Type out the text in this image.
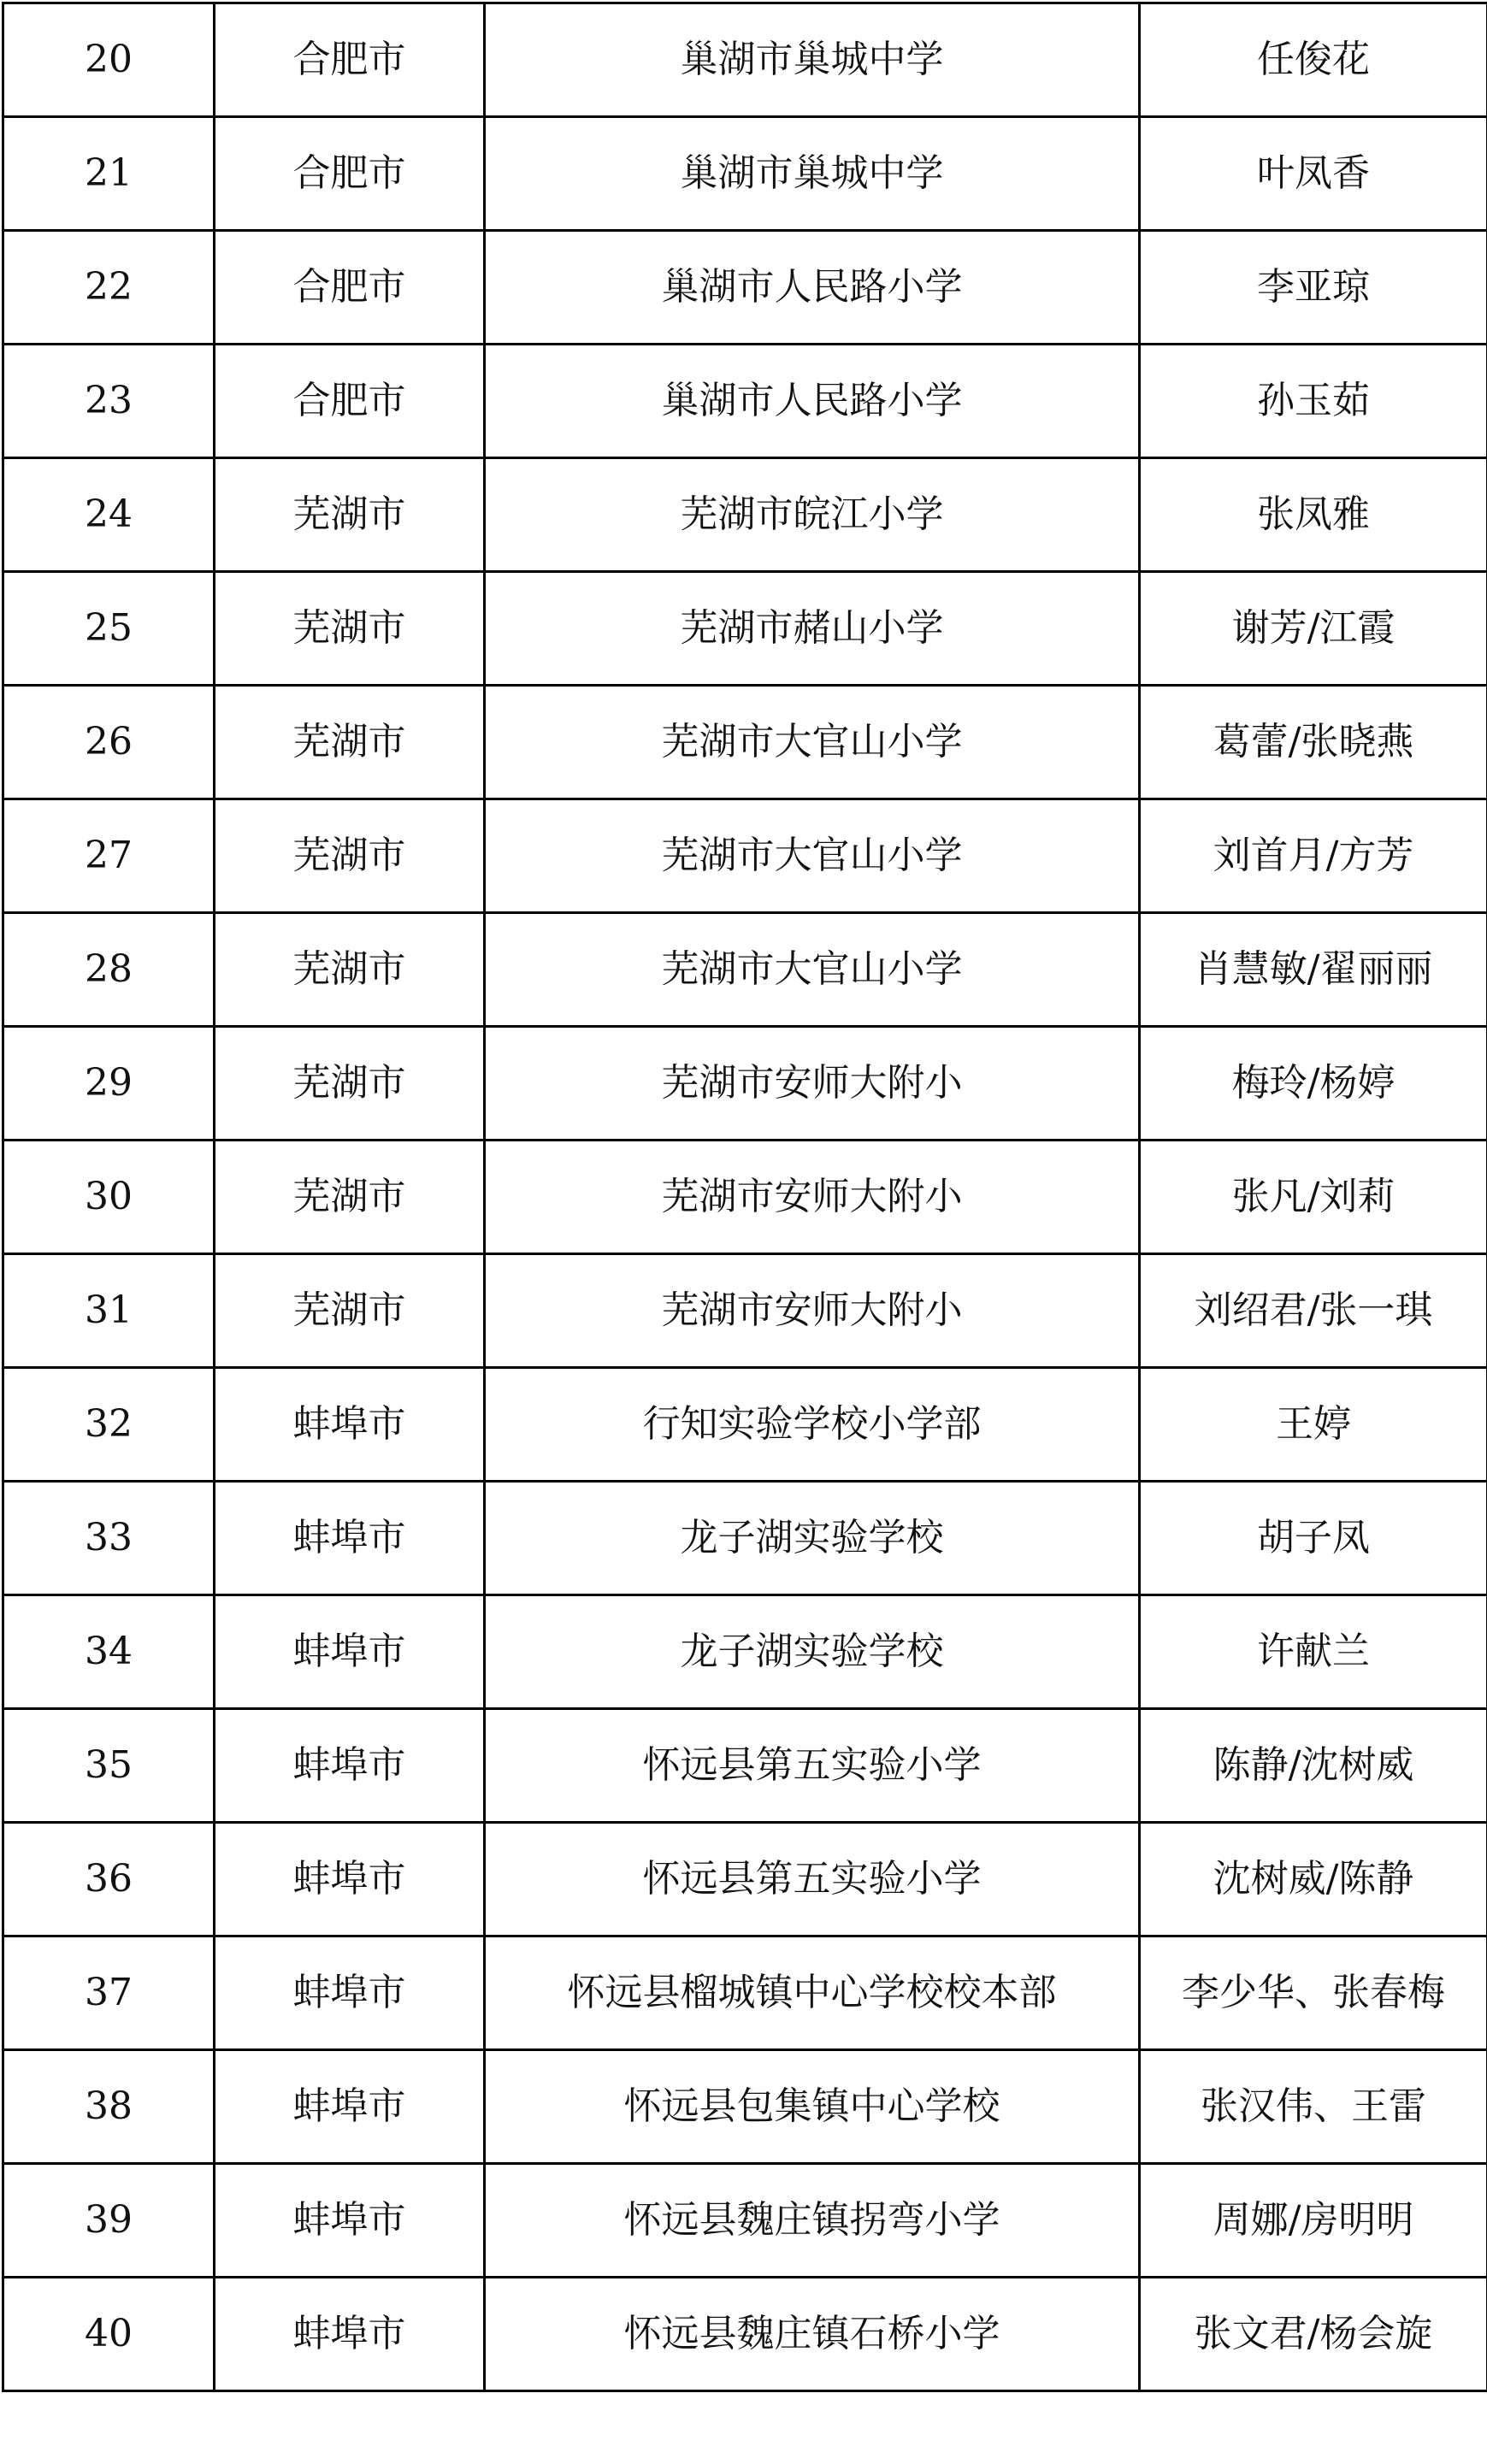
20	合肥市	巢湖市巢城中学	任俊花
21	合肥市	巢湖市巢城中学	叶凤香
22	合肥市	巢湖市人民路小学	李亚琼
23	合肥市	巢湖市人民路小学	孙玉茹
24	芜湖市	芜湖市皖江小学	张凤雅
25	芜湖市	芜湖市赭山小学	谢芳/江霞
26	芜湖市	芜湖市大官山小学	葛蕾/张晓燕
27	芜湖市	芜湖市大官山小学	刘首月/方芳
28	芜湖市	芜湖市大官山小学	肖慧敏/翟丽丽
29	芜湖市	芜湖市安师大附小	梅玲/杨婷
30	芜湖市	芜湖市安师大附小	张凡/刘莉
31	芜湖市	芜湖市安师大附小	刘绍君/张一琪
32	蚌埠市	行知实验学校小学部	王婷
33	蚌埠市	龙子湖实验学校	胡子凤
34	蚌埠市	龙子湖实验学校	许献兰
35	蚌埠市	怀远县第五实验小学	陈静/沈树威
36	蚌埠市	怀远县第五实验小学	沈树威/陈静
37	蚌埠市	怀远县榴城镇中心学校校本部	李少华、张春梅
38	蚌埠市	怀远县包集镇中心学校	张汉伟、王雷
39	蚌埠市	怀远县魏庄镇拐弯小学	周娜/房明明
40	蚌埠市	怀远县魏庄镇石桥小学	张文君/杨会旋
